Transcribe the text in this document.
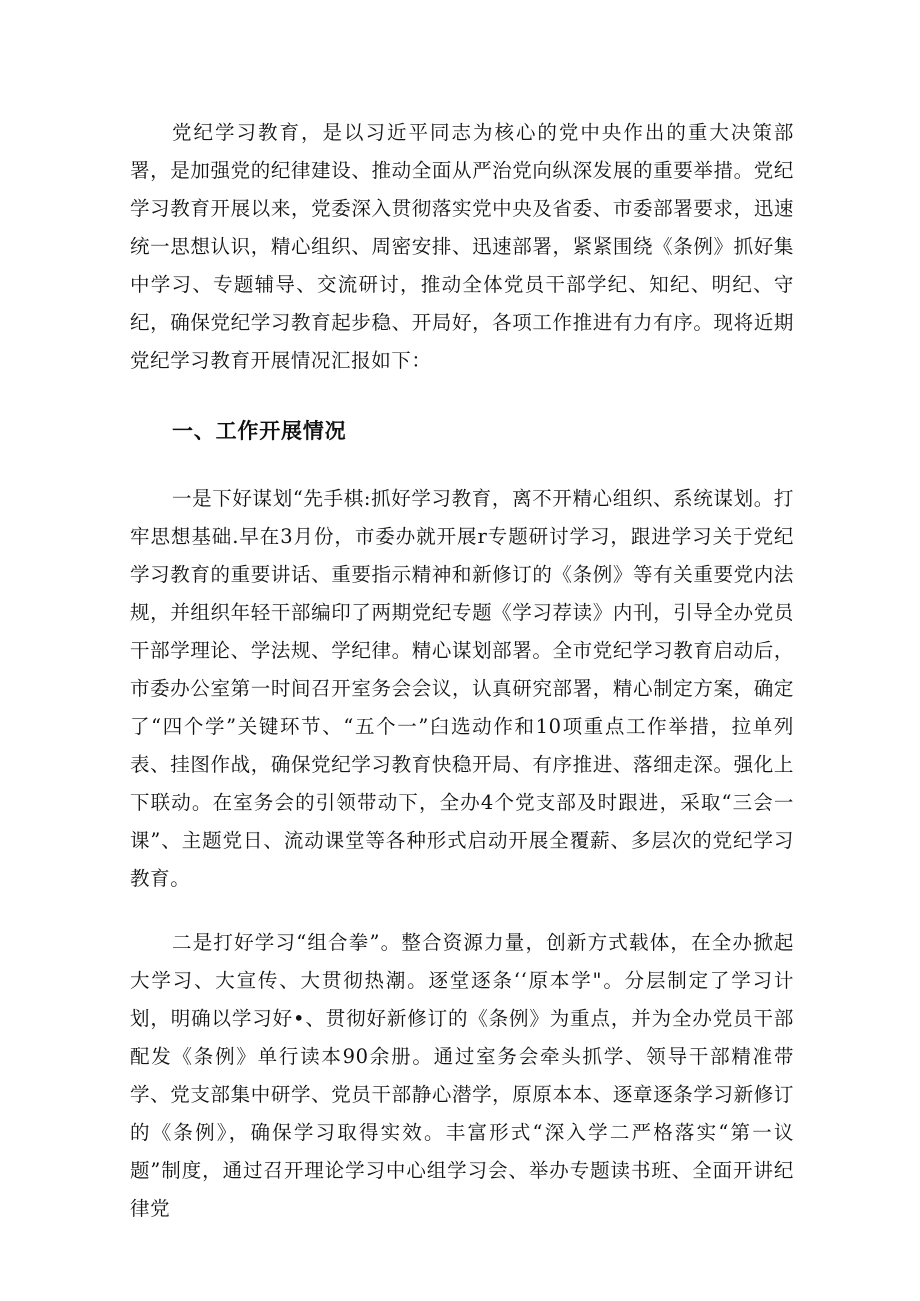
党纪学习教育，是以习近平同志为核心的党中央作出的重大决策部署，是加强党的纪律建设、推动全面从严治党向纵深发展的重要举措。党纪学习教育开展以来，党委深入贯彻落实党中央及省委、市委部署要求，迅速统一思想认识，精心组织、周密安排、迅速部署，紧紧围绕《条例》抓好集中学习、专题辅导、交流研讨，推动全体党员干部学纪、知纪、明纪、守纪，确保党纪学习教育起步稳、开局好，各项工作推进有力有序。现将近期党纪学习教育开展情况汇报如下：

一、工作开展情况

一是下好谋划“先手棋:抓好学习教育，离不开精心组织、系统谋划。打牢思想基础.早在3月份，市委办就开展r专题研讨学习，跟进学习关于党纪学习教育的重要讲话、重要指示精神和新修订的《条例》等有关重要党内法规，并组织年轻干部编印了两期党纪专题《学习荐读》内刊，引导全办党员干部学理论、学法规、学纪律。精心谋划部署。全市党纪学习教育启动后，市委办公室第一时间召开室务会会议，认真研究部署，精心制定方案，确定了“四个学”关键环节、“五个一”臼选动作和10项重点工作举措，拉单列表、挂图作战，确保党纪学习教育快稳开局、有序推进、落细走深。强化上下联动。在室务会的引领带动下，全办4个党支部及时跟进，采取“三会一课”、主题党日、流动课堂等各种形式启动开展全覆薪、多层次的党纪学习教育。

二是打好学习“组合拳”。整合资源力量，创新方式载体，在全办掀起大学习、大宣传、大贯彻热潮。逐堂逐条‘‘原本学"。分层制定了学习计划，明确以学习好•、贯彻好新修订的《条例》为重点，并为全办党员干部配发《条例》单行读本90余册。通过室务会牵头抓学、领导干部精准带学、党支部集中研学、党员干部静心潜学，原原本本、逐章逐条学习新修订的《条例》，确保学习取得实效。丰富形式“深入学二严格落实“第一议题”制度，通过召开理论学习中心组学习会、举办专题读书班、全面开讲纪律党
